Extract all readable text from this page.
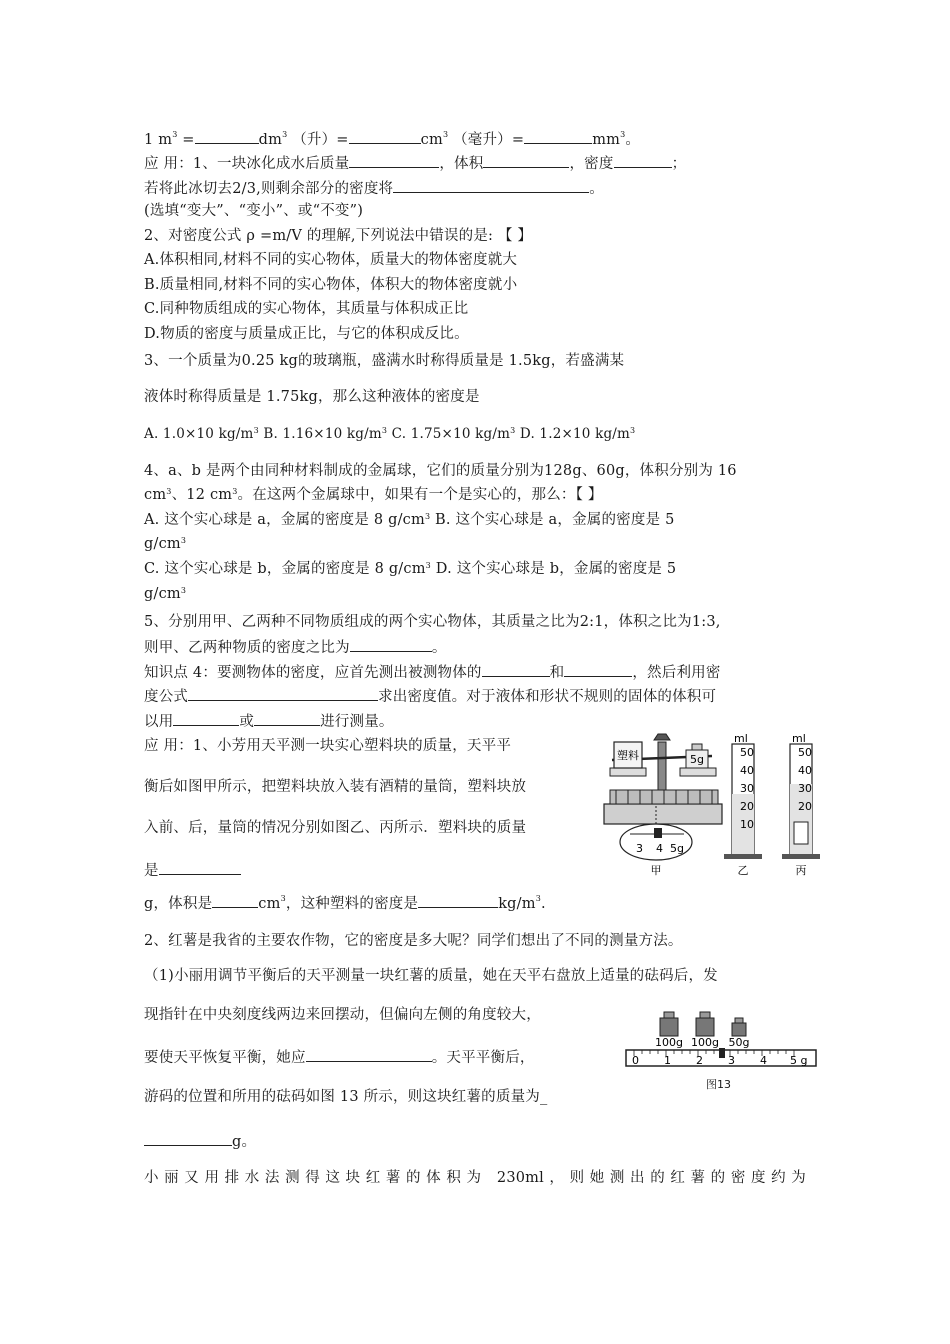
1 $m^3$ =	$dm^3$ （升）=	$cm^3$ （毫升）=	$mm^3$。
应 用：1、一块冰化成水后质量	，体积	，密度	；
若将此冰切去2/3,则剩余部分的密度将	。
(选填“变大”、“变小”、或“不变”)
2、对密度公式 ρ =m/V 的理解,下列说法中错误的是: 【 】
A.体积相同,材料不同的实心物体，质量大的物体密度就大
B.质量相同,材料不同的实心物体，体积大的物体密度就小
C.同种物质组成的实心物体，其质量与体积成正比
D.物质的密度与质量成正比，与它的体积成反比。
3、一个质量为0.25 kg的玻璃瓶，盛满水时称得质量是 1.5kg，若盛满某
液体时称得质量是 1.75kg，那么这种液体的密度是
A. 1.0×10 $kg/m^3$ B. 1.16×10 $kg/m^3$ C. 1.75×10 $kg/m^3$ D. 1.2×10 $kg/m^3$
4、a、b 是两个由同种材料制成的金属球，它们的质量分别为128g、60g，体积分别为 16
$cm^3$、12 $cm^3$。在这两个金属球中，如果有一个是实心的，那么：【 】
A. 这个实心球是 a，金属的密度是 8 $g/cm^3$ B. 这个实心球是 a，金属的密度是 5
$g/cm^3$
C. 这个实心球是 b，金属的密度是 8 $g/cm^3$ D. 这个实心球是 b，金属的密度是 5
$g/cm^3$
5、分别用甲、乙两种不同物质组成的两个实心物体，其质量之比为2:1，体积之比为1:3,
则甲、乙两种物质的密度之比为	。
知识点 4：要测物体的密度，应首先测出被测物体的	和	，然后利用密
度公式	求出密度值。对于液体和形状不规则的固体的体积可
以用	或	进行测量。
应 用：1、小芳用天平测一块实心塑料块的质量，天平平
衡后如图甲所示，把塑料块放入装有酒精的量筒，塑料块放
入前、后，量筒的情况分别如图乙、丙所示．塑料块的质量
是
g，体积是	$cm^3$，这种塑料的密度是	$kg/m^3$.
塑料	5g
3 4 5g
甲
ml
50
40
30
20
10
乙
ml
50
40
30
20
丙
2、红薯是我省的主要农作物，它的密度是多大呢？同学们想出了不同的测量方法。
（1)小丽用调节平衡后的天平测量一块红薯的质量，她在天平右盘放上适量的砝码后，发
现指针在中央刻度线两边来回摆动，但偏向左侧的角度较大，
要使天平恢复平衡，她应	。天平平衡后，
游码的位置和所用的砝码如图 13 所示，则这块红薯的质量为_
g。
小丽又用排水法测得这块红薯的体积为 230ml，则她测出的红薯的密度约为
100g 100g 50g
0 1 2 3 4 5 g
图13
